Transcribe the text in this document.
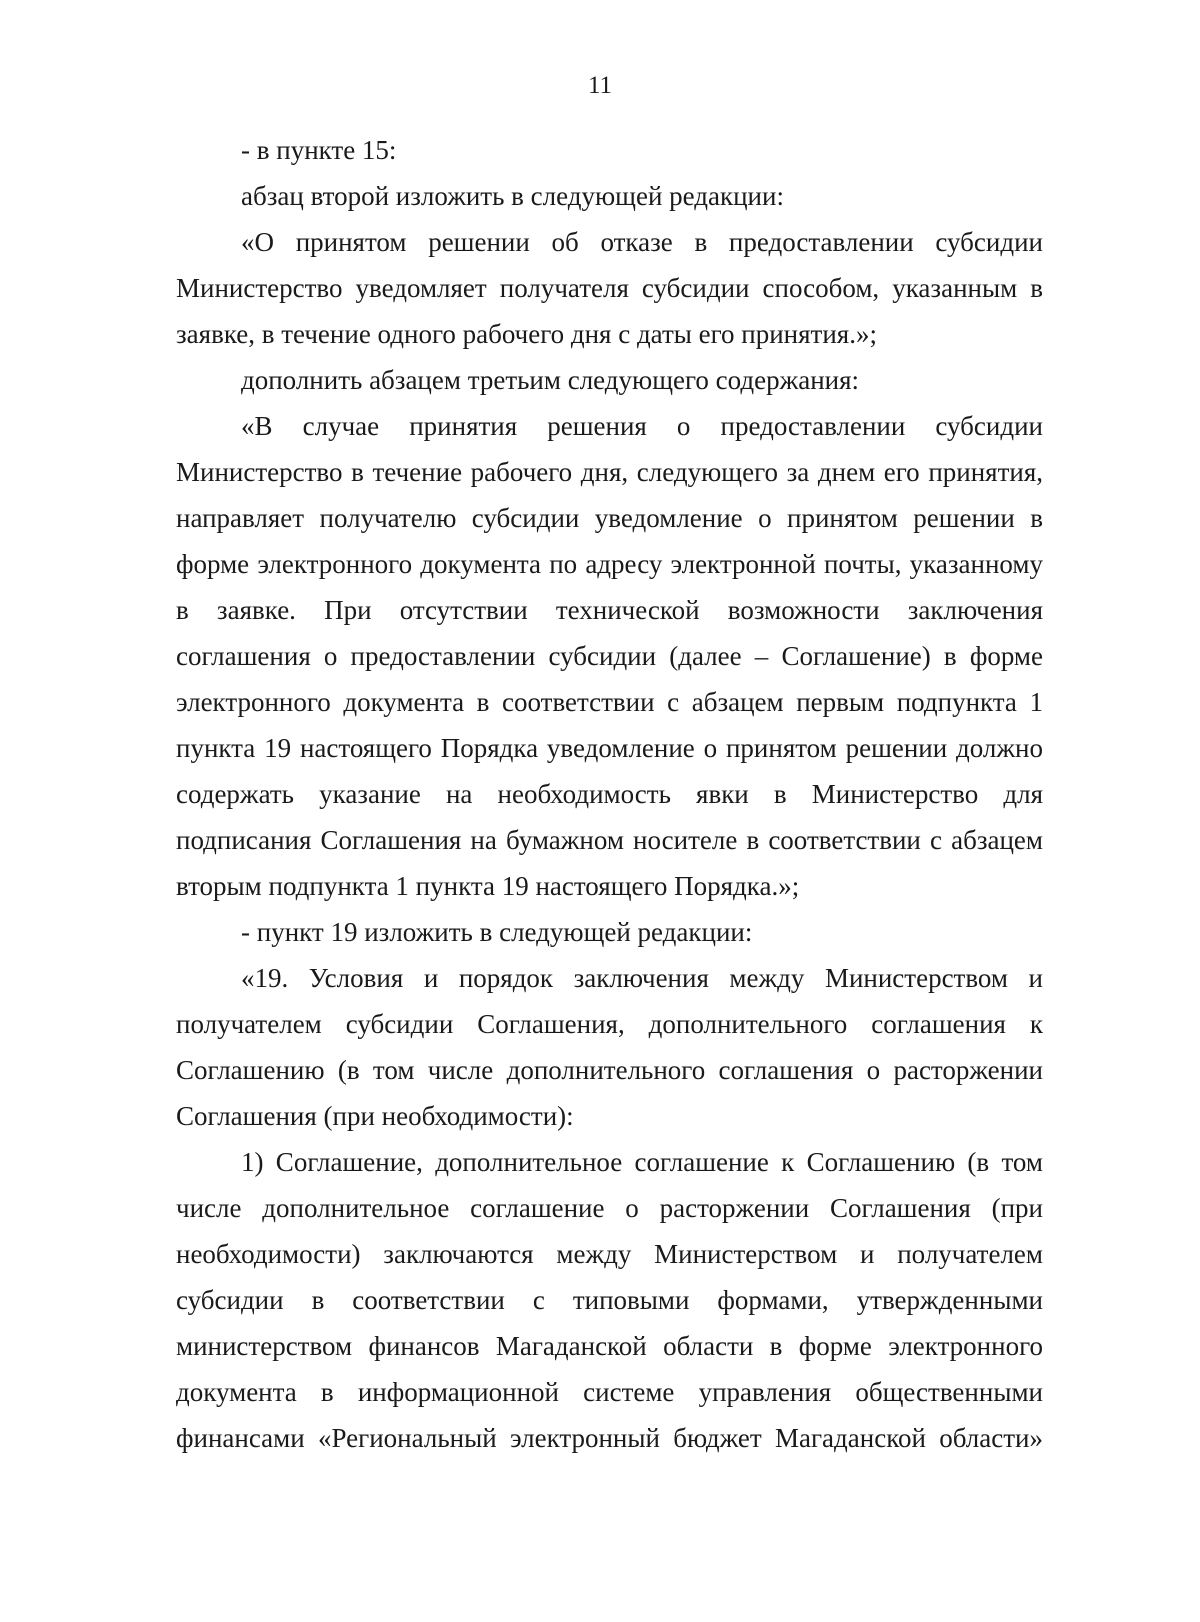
11

- в пункте 15:

абзац второй изложить в следующей редакции:

«О принятом решении об отказе в предоставлении субсидии Министерство уведомляет получателя субсидии способом, указанным в заявке, в течение одного рабочего дня с даты его принятия.»;

дополнить абзацем третьим следующего содержания:

«В случае принятия решения о предоставлении субсидии Министерство в течение рабочего дня, следующего за днем его принятия, направляет получателю субсидии уведомление о принятом решении в форме электронного документа по адресу электронной почты, указанному в заявке. При отсутствии технической возможности заключения соглашения о предоставлении субсидии (далее – Соглашение) в форме электронного документа в соответствии с абзацем первым подпункта 1 пункта 19 настоящего Порядка уведомление о принятом решении должно содержать указание на необходимость явки в Министерство для подписания Соглашения на бумажном носителе в соответствии с абзацем вторым подпункта 1 пункта 19 настоящего Порядка.»;

- пункт 19 изложить в следующей редакции:

«19. Условия и порядок заключения между Министерством и получателем субсидии Соглашения, дополнительного соглашения к Соглашению (в том числе дополнительного соглашения о расторжении Соглашения (при необходимости):

1) Соглашение, дополнительное соглашение к Соглашению (в том числе дополнительное соглашение о расторжении Соглашения (при необходимости) заключаются между Министерством и получателем субсидии в соответствии с типовыми формами, утвержденными министерством финансов Магаданской области в форме электронного документа в информационной системе управления общественными финансами «Региональный электронный бюджет Магаданской области»
